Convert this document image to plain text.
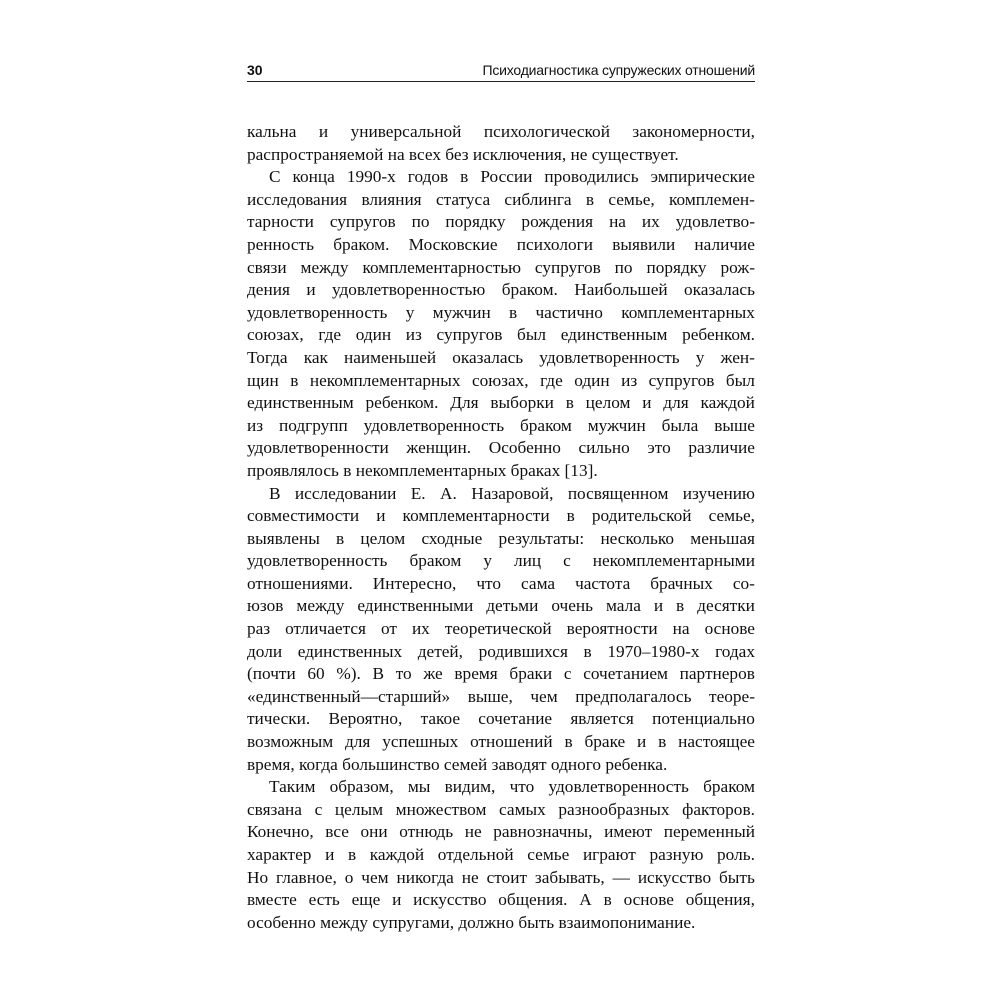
30	Психодиагностика супружеских отношений
кальна и универсальной психологической закономерности,
распространяемой на всех без исключения, не существует.
С конца 1990-х годов в России проводились эмпирические
исследования влияния статуса сиблинга в семье, комплемен-
тарности супругов по порядку рождения на их удовлетво-
ренность браком. Московские психологи выявили наличие
связи между комплементарностью супругов по порядку рож-
дения и удовлетворенностью браком. Наибольшей оказалась
удовлетворенность у мужчин в частично комплементарных
союзах, где один из супругов был единственным ребенком.
Тогда как наименьшей оказалась удовлетворенность у жен-
щин в некомплементарных союзах, где один из супругов был
единственным ребенком. Для выборки в целом и для каждой
из подгрупп удовлетворенность браком мужчин была выше
удовлетворенности женщин. Особенно сильно это различие
проявлялось в некомплементарных браках [13].
В исследовании Е. А. Назаровой, посвященном изучению
совместимости и комплементарности в родительской семье,
выявлены в целом сходные результаты: несколько меньшая
удовлетворенность браком у лиц с некомплементарными
отношениями. Интересно, что сама частота брачных со-
юзов между единственными детьми очень мала и в десятки
раз отличается от их теоретической вероятности на основе
доли единственных детей, родившихся в 1970–1980-х годах
(почти 60 %). В то же время браки с сочетанием партнеров
«единственный—старший» выше, чем предполагалось теоре-
тически. Вероятно, такое сочетание является потенциально
возможным для успешных отношений в браке и в настоящее
время, когда большинство семей заводят одного ребенка.
Таким образом, мы видим, что удовлетворенность браком
связана с целым множеством самых разнообразных факторов.
Конечно, все они отнюдь не равнозначны, имеют переменный
характер и в каждой отдельной семье играют разную роль.
Но главное, о чем никогда не стоит забывать, — искусство быть
вместе есть еще и искусство общения. А в основе общения,
особенно между супругами, должно быть взаимопонимание.
